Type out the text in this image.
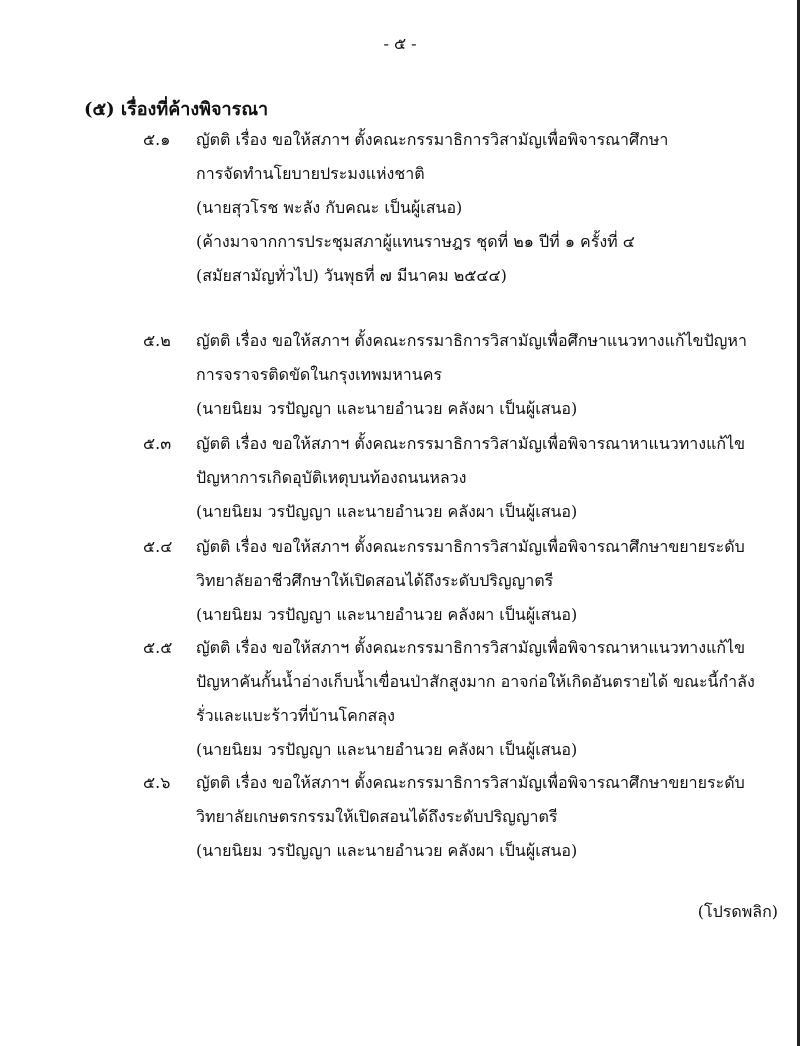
- ๕ -
(๕) เรื่องที่ค้างพิจารณา
๕.๑ ญัตติ เรื่อง ขอให้สภาฯ ตั้งคณะกรรมาธิการวิสามัญเพื่อพิจารณาศึกษา
การจัดทำนโยบายประมงแห่งชาติ
(นายสุวโรช พะลัง กับคณะ เป็นผู้เสนอ)
(ค้างมาจากการประชุมสภาผู้แทนราษฎร ชุดที่ ๒๑ ปีที่ ๑ ครั้งที่ ๔
(สมัยสามัญทั่วไป) วันพุธที่ ๗ มีนาคม ๒๕๔๔)
๕.๒ ญัตติ เรื่อง ขอให้สภาฯ ตั้งคณะกรรมาธิการวิสามัญเพื่อศึกษาแนวทางแก้ไขปัญหา
การจราจรติดขัดในกรุงเทพมหานคร
(นายนิยม วรปัญญา และนายอำนวย คลังผา เป็นผู้เสนอ)
๕.๓ ญัตติ เรื่อง ขอให้สภาฯ ตั้งคณะกรรมาธิการวิสามัญเพื่อพิจารณาหาแนวทางแก้ไข
ปัญหาการเกิดอุบัติเหตุบนท้องถนนหลวง
(นายนิยม วรปัญญา และนายอำนวย คลังผา เป็นผู้เสนอ)
๕.๔ ญัตติ เรื่อง ขอให้สภาฯ ตั้งคณะกรรมาธิการวิสามัญเพื่อพิจารณาศึกษาขยายระดับ
วิทยาลัยอาชีวศึกษาให้เปิดสอนได้ถึงระดับปริญญาตรี
(นายนิยม วรปัญญา และนายอำนวย คลังผา เป็นผู้เสนอ)
๕.๕ ญัตติ เรื่อง ขอให้สภาฯ ตั้งคณะกรรมาธิการวิสามัญเพื่อพิจารณาหาแนวทางแก้ไข
ปัญหาคันกั้นน้ำอ่างเก็บน้ำเขื่อนป่าสักสูงมาก อาจก่อให้เกิดอันตรายได้ ขณะนี้กำลัง
รั่วและแบะร้าวที่บ้านโคกสลุง
(นายนิยม วรปัญญา และนายอำนวย คลังผา เป็นผู้เสนอ)
๕.๖ ญัตติ เรื่อง ขอให้สภาฯ ตั้งคณะกรรมาธิการวิสามัญเพื่อพิจารณาศึกษาขยายระดับ
วิทยาลัยเกษตรกรรมให้เปิดสอนได้ถึงระดับปริญญาตรี
(นายนิยม วรปัญญา และนายอำนวย คลังผา เป็นผู้เสนอ)
(โปรดพลิก)
